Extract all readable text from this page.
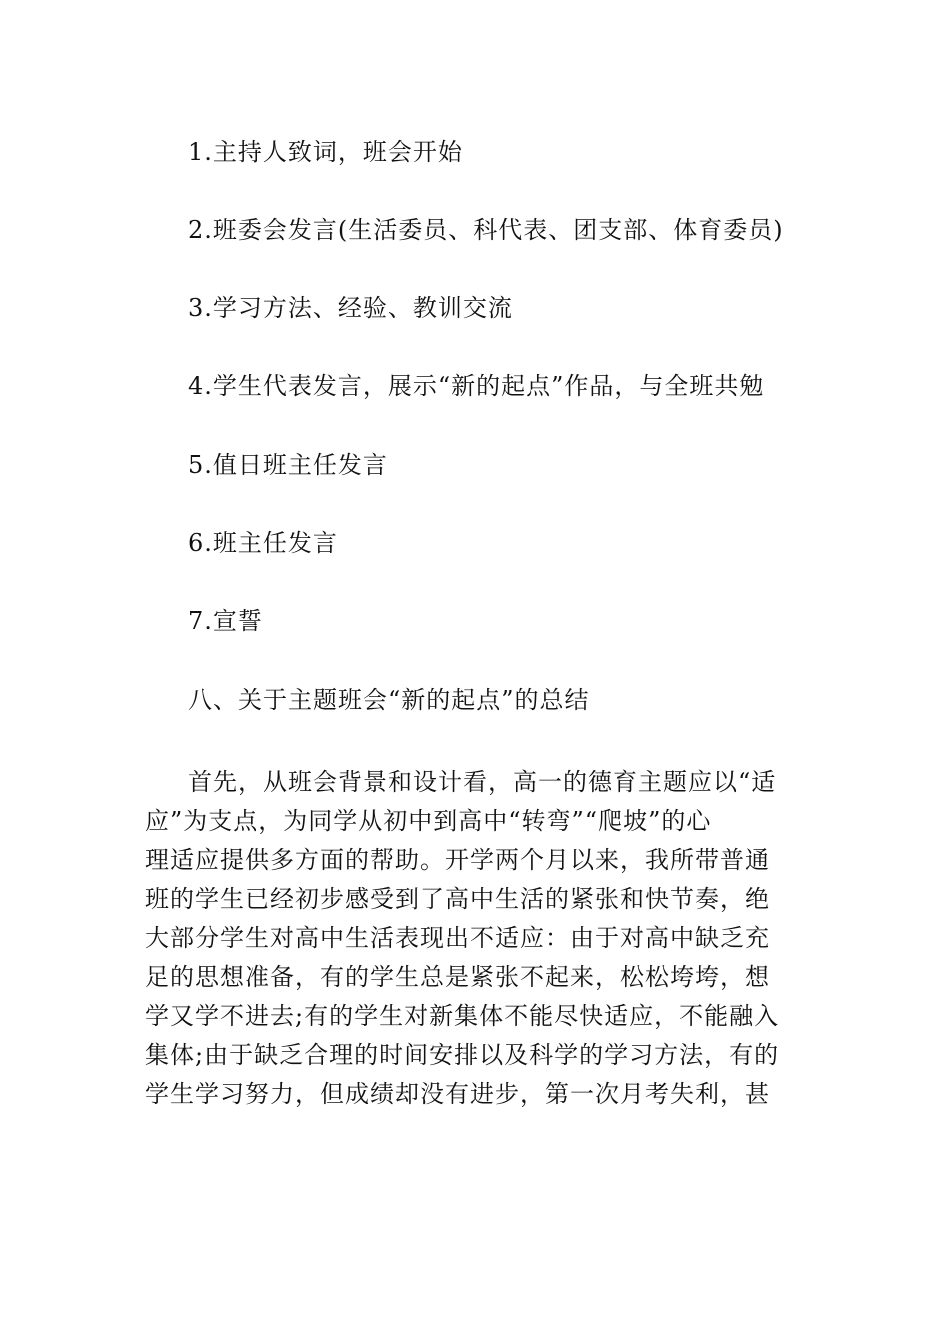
1.主持人致词，班会开始
2.班委会发言(生活委员、科代表、团支部、体育委员)
3.学习方法、经验、教训交流
4.学生代表发言，展示“新的起点”作品，与全班共勉
5.值日班主任发言
6.班主任发言
7.宣誓
八、关于主题班会“新的起点”的总结
首先，从班会背景和设计看，高一的德育主题应以“适
应”为支点，为同学从初中到高中“转弯”“爬坡”的心
理适应提供多方面的帮助。开学两个月以来，我所带普通
班的学生已经初步感受到了高中生活的紧张和快节奏，绝
大部分学生对高中生活表现出不适应：由于对高中缺乏充
足的思想准备，有的学生总是紧张不起来，松松垮垮，想
学又学不进去;有的学生对新集体不能尽快适应，不能融入
集体;由于缺乏合理的时间安排以及科学的学习方法，有的
学生学习努力，但成绩却没有进步，第一次月考失利，甚
